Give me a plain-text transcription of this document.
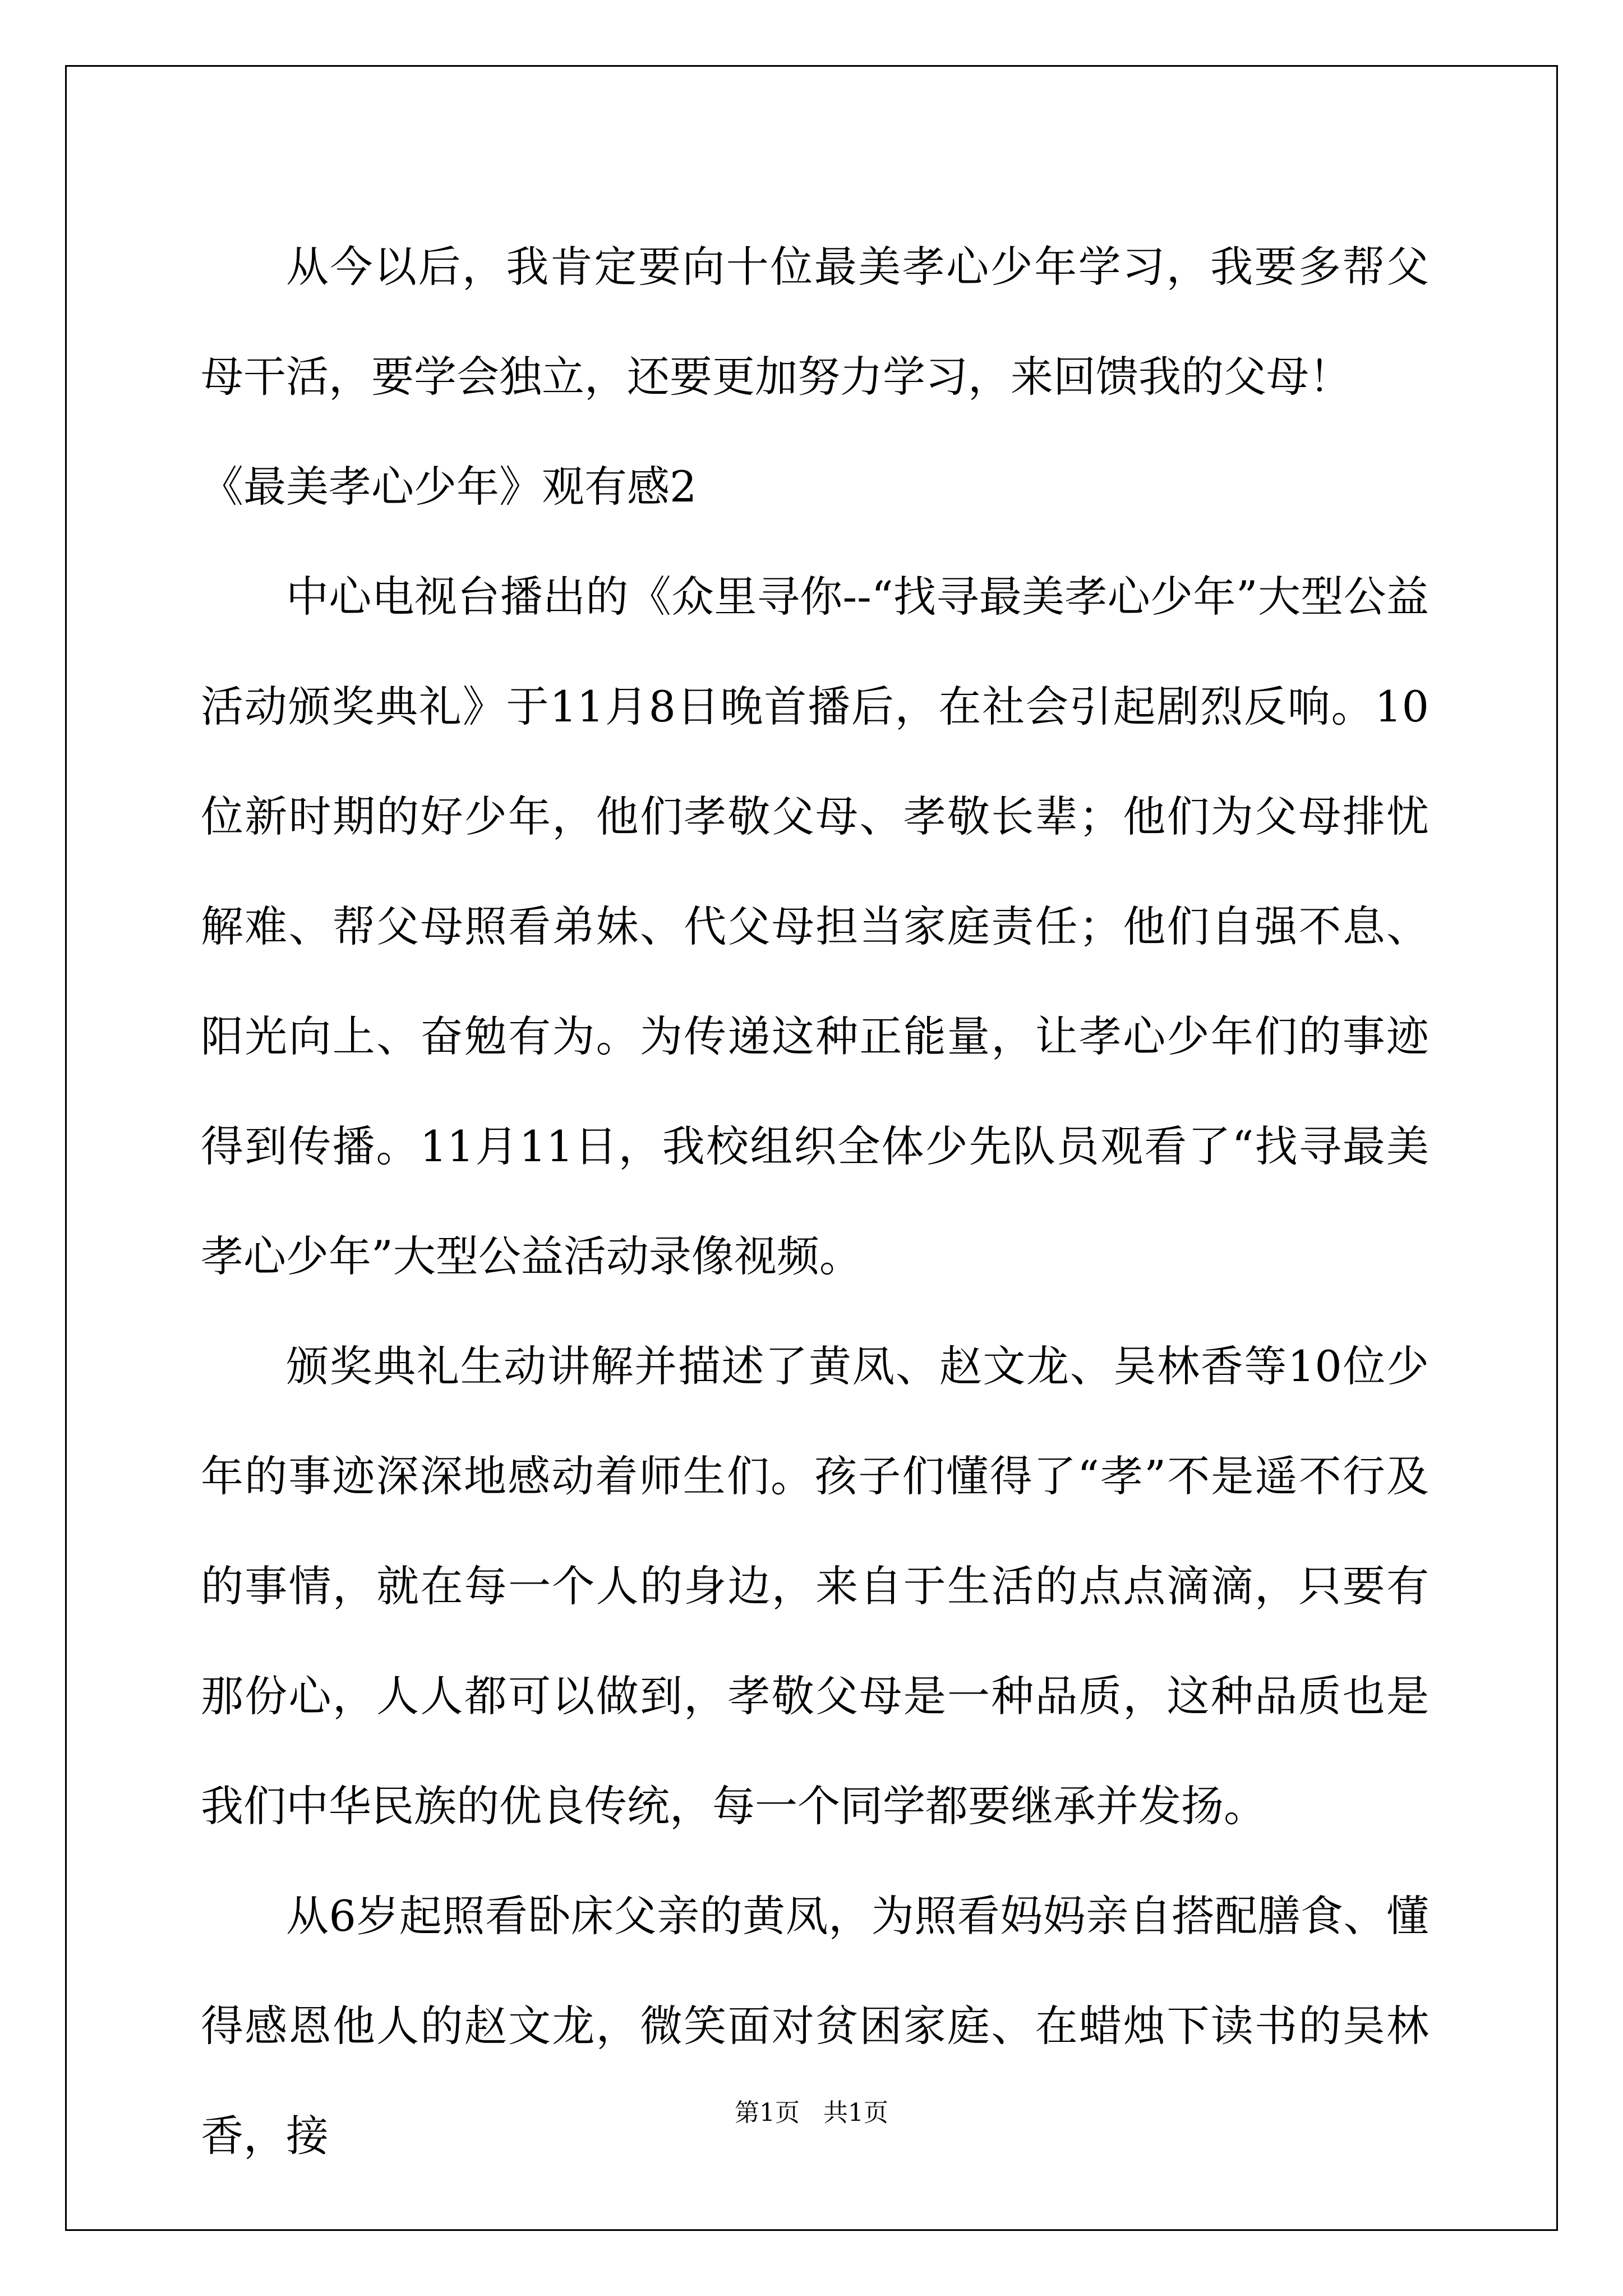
从今以后，我肯定要向十位最美孝心少年学习，我要多帮父母干活，要学会独立，还要更加努力学习，来回馈我的父母！

《最美孝心少年》观有感2

中心电视台播出的《众里寻你--“找寻最美孝心少年”大型公益活动颁奖典礼》于11月8日晚首播后，在社会引起剧烈反响。10位新时期的好少年，他们孝敬父母、孝敬长辈；他们为父母排忧解难、帮父母照看弟妹、代父母担当家庭责任；他们自强不息、阳光向上、奋勉有为。为传递这种正能量，让孝心少年们的事迹得到传播。11月11日，我校组织全体少先队员观看了“找寻最美孝心少年”大型公益活动录像视频。

颁奖典礼生动讲解并描述了黄凤、赵文龙、吴林香等10位少年的事迹深深地感动着师生们。孩子们懂得了“孝”不是遥不行及的事情，就在每一个人的身边，来自于生活的点点滴滴，只要有那份心，人人都可以做到，孝敬父母是一种品质，这种品质也是我们中华民族的优良传统，每一个同学都要继承并发扬。

从6岁起照看卧床父亲的黄凤，为照看妈妈亲自搭配膳食、懂得感恩他人的赵文龙，微笑面对贫困家庭、在蜡烛下读书的吴林香，接	第1页   共1页
